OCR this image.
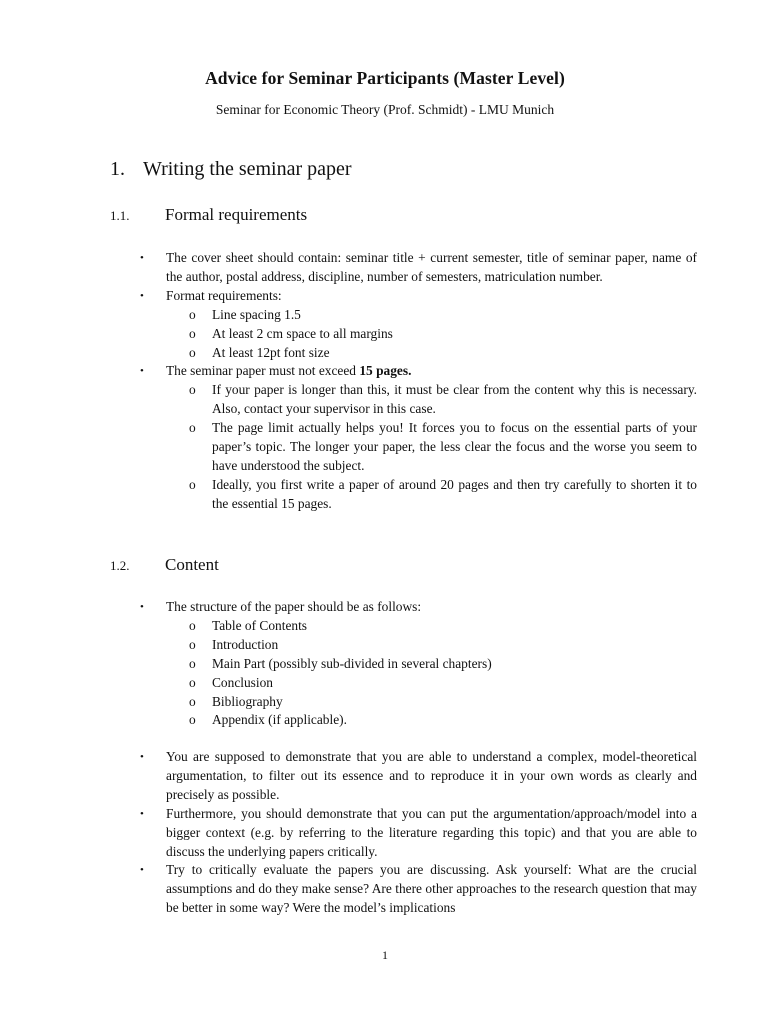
Advice for Seminar Participants (Master Level)
Seminar for Economic Theory (Prof. Schmidt) - LMU Munich
1. Writing the seminar paper
1.1. Formal requirements
• The cover sheet should contain: seminar title + current semester, title of seminar paper, name of the author, postal address, discipline, number of semesters, matriculation number.
• Format requirements:
o Line spacing 1.5
o At least 2 cm space to all margins
o At least 12pt font size
• The seminar paper must not exceed 15 pages.
o If your paper is longer than this, it must be clear from the content why this is necessary. Also, contact your supervisor in this case.
o The page limit actually helps you! It forces you to focus on the essential parts of your paper’s topic. The longer your paper, the less clear the focus and the worse you seem to have understood the subject.
o Ideally, you first write a paper of around 20 pages and then try carefully to shorten it to the essential 15 pages.
1.2. Content
• The structure of the paper should be as follows:
o Table of Contents
o Introduction
o Main Part (possibly sub-divided in several chapters)
o Conclusion
o Bibliography
o Appendix (if applicable).
• You are supposed to demonstrate that you are able to understand a complex, model-theoretical argumentation, to filter out its essence and to reproduce it in your own words as clearly and precisely as possible.
• Furthermore, you should demonstrate that you can put the argumentation/approach/model into a bigger context (e.g. by referring to the literature regarding this topic) and that you are able to discuss the underlying papers critically.
• Try to critically evaluate the papers you are discussing. Ask yourself: What are the crucial assumptions and do they make sense? Are there other approaches to the research question that may be better in some way? Were the model’s implications
1
